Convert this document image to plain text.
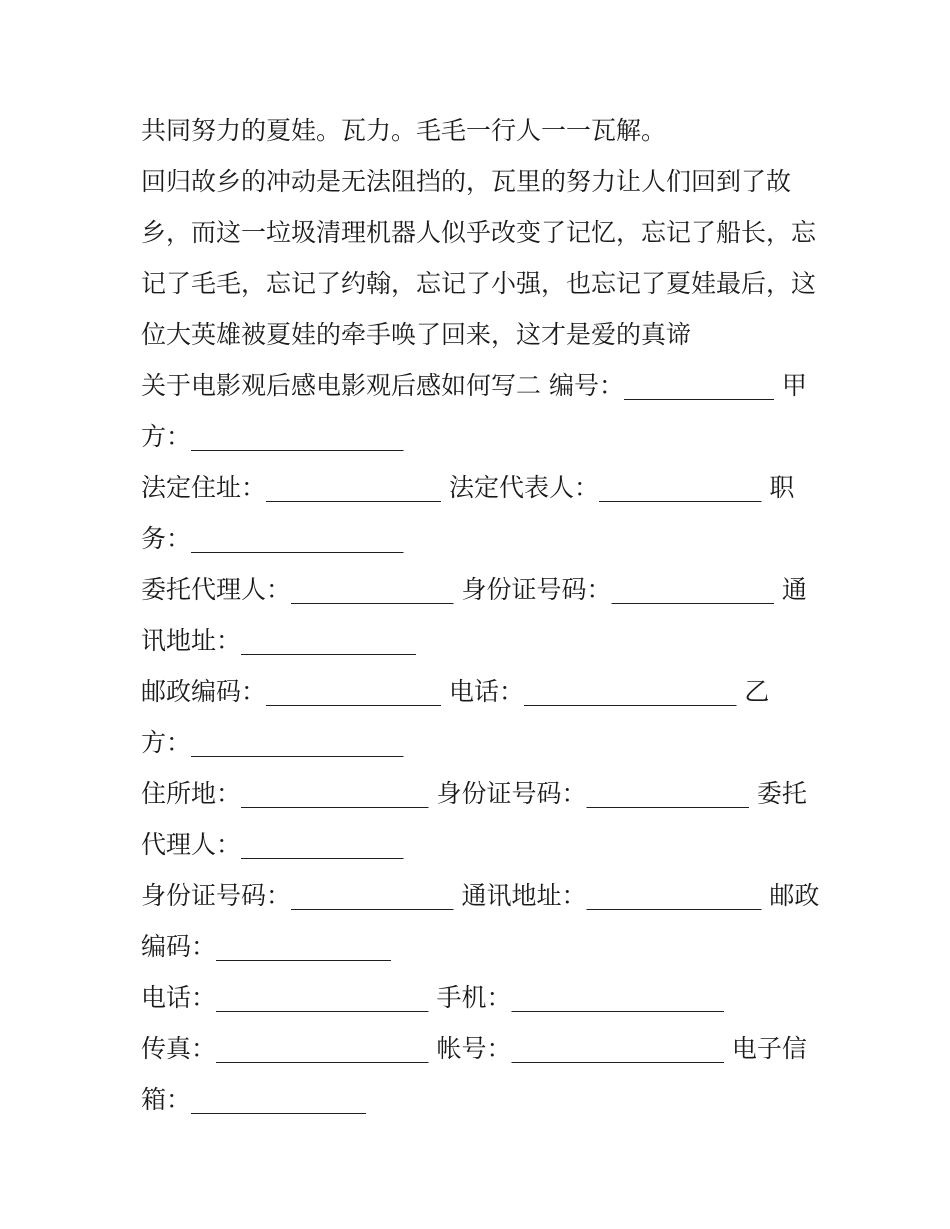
共同努力的夏娃。瓦力。毛毛一行人一一瓦解。
回归故乡的冲动是无法阻挡的，瓦里的努力让人们回到了故
乡，而这一垃圾清理机器人似乎改变了记忆，忘记了船长，忘
记了毛毛，忘记了约翰，忘记了小强，也忘记了夏娃最后，这
位大英雄被夏娃的牵手唤了回来，这才是爱的真谛
关于电影观后感电影观后感如何写二 编号：____________ 甲
方：_________________
法定住址：______________ 法定代表人：_____________ 职
务：_________________
委托代理人：_____________ 身份证号码：_____________ 通
讯地址：______________
邮政编码：______________ 电话：_________________ 乙
方：_________________
住所地：_______________ 身份证号码：_____________ 委托
代理人：_____________
身份证号码：_____________ 通讯地址：______________ 邮政
编码：______________
电话：_________________ 手机：_________________
传真：_________________ 帐号：_________________ 电子信
箱：______________
